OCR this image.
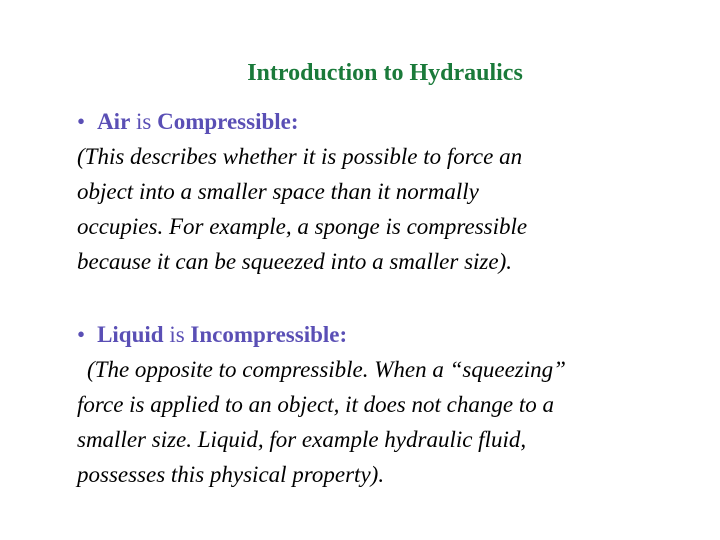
Introduction to Hydraulics
• Air is Compressible:
(This describes whether it is possible to force an
object into a smaller space than it normally
occupies. For example, a sponge is compressible
because it can be squeezed into a smaller size).
• Liquid is Incompressible:
(The opposite to compressible. When a “squeezing”
force is applied to an object, it does not change to a
smaller size. Liquid, for example hydraulic fluid,
possesses this physical property).
